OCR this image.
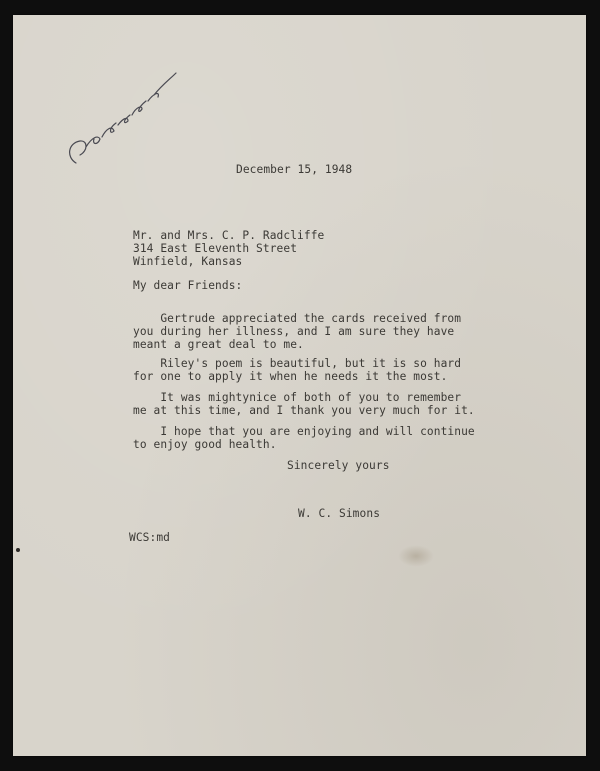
December 15, 1948
Mr. and Mrs. C. P. Radcliffe
314 East Eleventh Street
Winfield, Kansas
My dear Friends:
Gertrude appreciated the cards received from
you during her illness, and I am sure they have
meant a great deal to me.
Riley's poem is beautiful, but it is so hard
for one to apply it when he needs it the most.
It was mightynice of both of you to remember
me at this time, and I thank you very much for it.
I hope that you are enjoying and will continue
to enjoy good health.
Sincerely yours
W. C. Simons
WCS:md
